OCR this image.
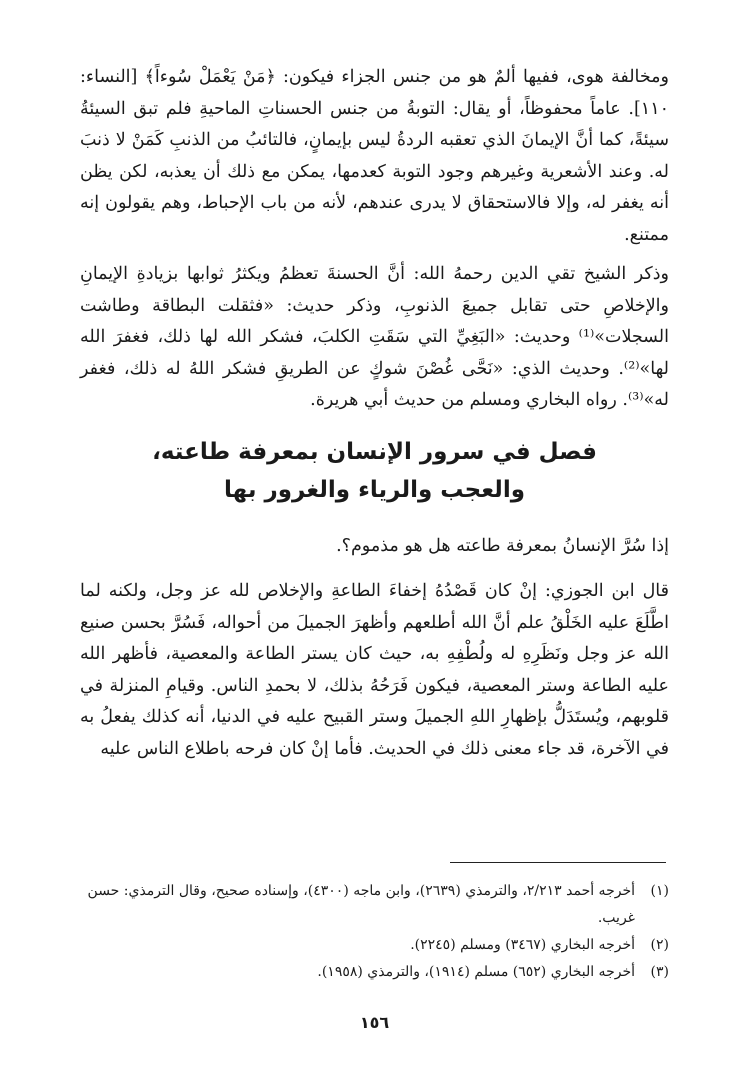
ومخالفة هوى، ففيها ألمٌ هو من جنس الجزاء فيكون: ﴿مَنْ يَعْمَلْ سُوءاً﴾ [النساء: ١١٠]. عاماً محفوظاً، أو يقال: التوبةُ من جنس الحسناتِ الماحيةِ فلم تبق السيئةُ سيئةً، كما أنَّ الإيمانَ الذي تعقبه الردةُ ليس بإيمانٍ، فالتائبُ من الذنبِ كَمَنْ لا ذنبَ له. وعند الأشعرية وغيرهم وجود التوبة كعدمها، يمكن مع ذلك أن يعذبه، لكن يظن أنه يغفر له، وإلا فالاستحقاق لا يدرى عندهم، لأنه من باب الإحباط، وهم يقولون إنه ممتنع.

وذكر الشيخ تقي الدين رحمهُ الله: أنَّ الحسنةَ تعظمُ ويكثرُ ثوابها بزيادةِ الإيمانِ والإخلاصِ حتى تقابل جميعَ الذنوبِ، وذكر حديث: «فثقلت البطاقة وطاشت السجلات»⁽¹⁾ وحديث: «البَغِيِّ التي سَقَتِ الكلبَ، فشكر الله لها ذلك، فغفرَ الله لها»⁽²⁾. وحديث الذي: «نَحَّى غُصْنَ شوكٍ عن الطريقِ فشكر اللهُ له ذلك، فغفر له»⁽³⁾. رواه البخاري ومسلم من حديث أبي هريرة.

فصل في سرور الإنسان بمعرفة طاعته،
والعجب والرياء والغرور بها

إذا سُرَّ الإنسانُ بمعرفة طاعته هل هو مذموم؟.

قال ابن الجوزي: إنْ كان قَصْدُهُ إخفاءَ الطاعةِ والإخلاص لله عز وجل، ولكنه لما اطَّلَعَ عليه الخَلْقُ علم أنَّ الله أطلعهم وأظهرَ الجميلَ من أحواله، فَسُرَّ بحسن صنيع الله عز وجل ونَظَرِهِ له ولُطْفِهِ به، حيث كان يستر الطاعة والمعصية، فأظهر الله عليه الطاعة وستر المعصية، فيكون فَرَحُهُ بذلك، لا بحمدِ الناس. وقيامِ المنزلة في قلوبهم، ويُستَدَلُّ بإظهارِ اللهِ الجميلَ وستر القبيح عليه في الدنيا، أنه كذلك يفعلُ به في الآخرة، قد جاء معنى ذلك في الحديث. فأما إنْ كان فرحه باطلاع الناس عليه

(١)
أخرجه أحمد ٢/٢١٣، والترمذي (٢٦٣٩)، وابن ماجه (٤٣٠٠)، وإسناده صحيح، وقال الترمذي: حسن غريب.
(٢)
أخرجه البخاري (٣٤٦٧) ومسلم (٢٢٤٥).
(٣)
أخرجه البخاري (٦٥٢) مسلم (١٩١٤)، والترمذي (١٩٥٨).
١٥٦
